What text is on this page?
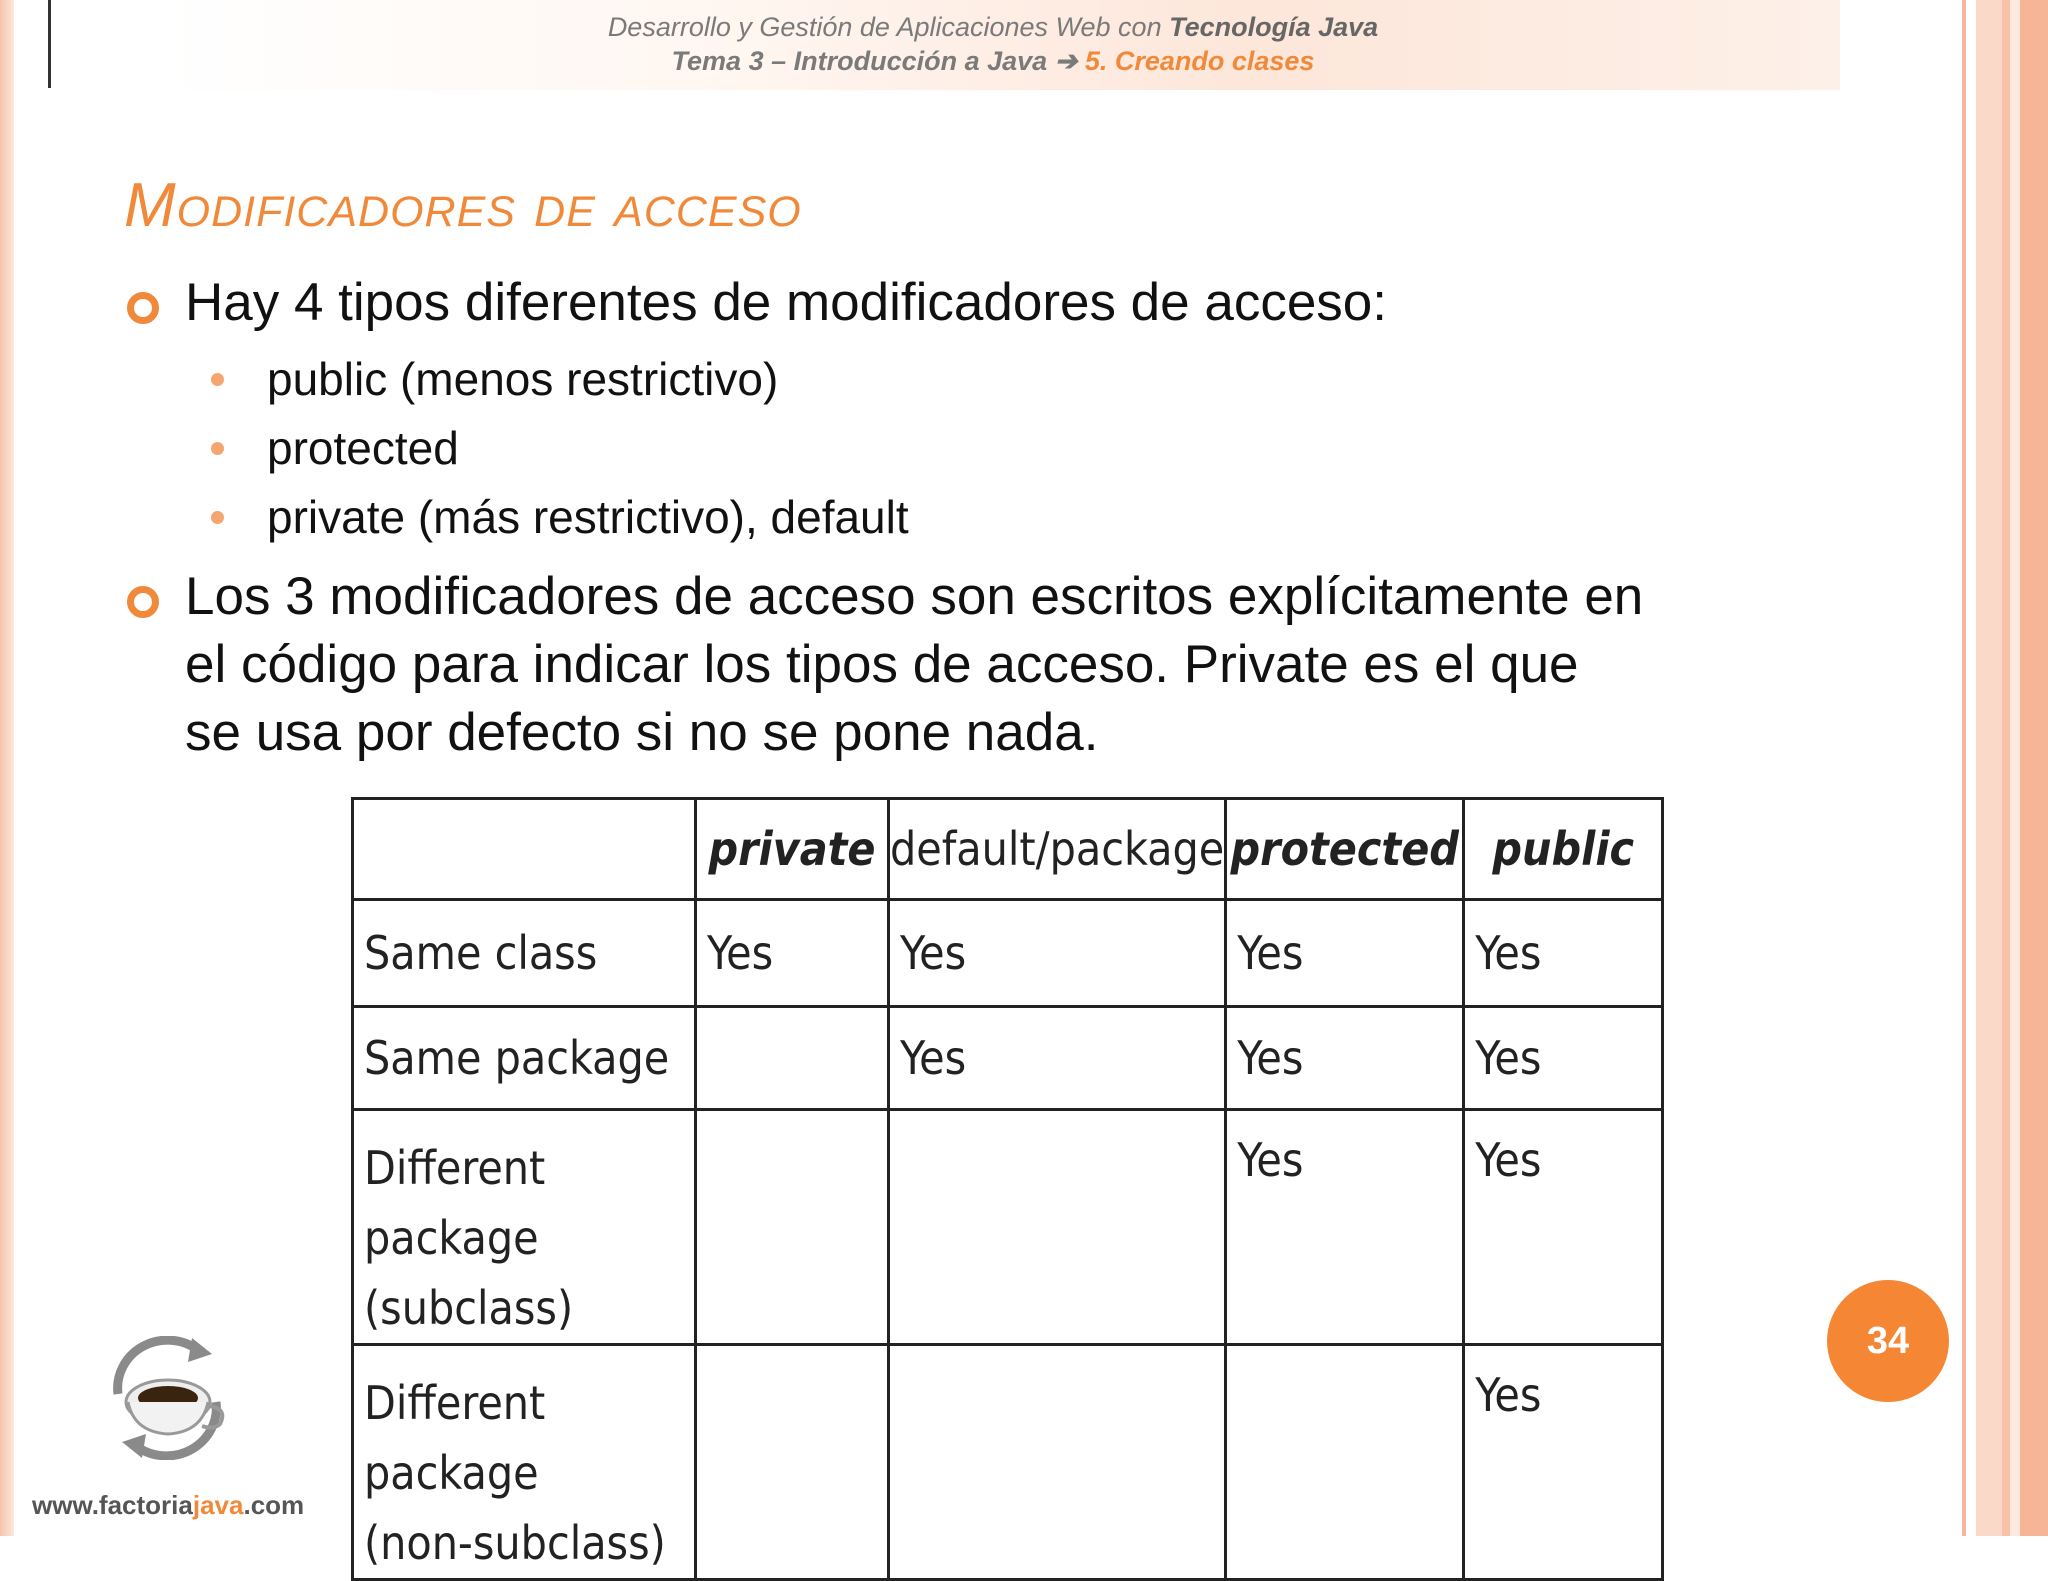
Desarrollo y Gestión de Aplicaciones Web con Tecnología Java
Tema 3 – Introducción a Java ➔ 5. Creando clases
Modificadores de acceso
Hay 4 tipos diferentes de modificadores de acceso:
public (menos restrictivo)
protected
private (más restrictivo), default
Los 3 modificadores de acceso son escritos explícitamente en
el código para indicar los tipos de acceso. Private es el que
se usa por defecto si no se pone nada.
	private	default/package	protected	public
Same class	Yes	Yes	Yes	Yes
Same package		Yes	Yes	Yes

Different package
(subclass)			Yes	Yes

Different package
(non-subclass)				Yes
www.factoriajava.com
34
